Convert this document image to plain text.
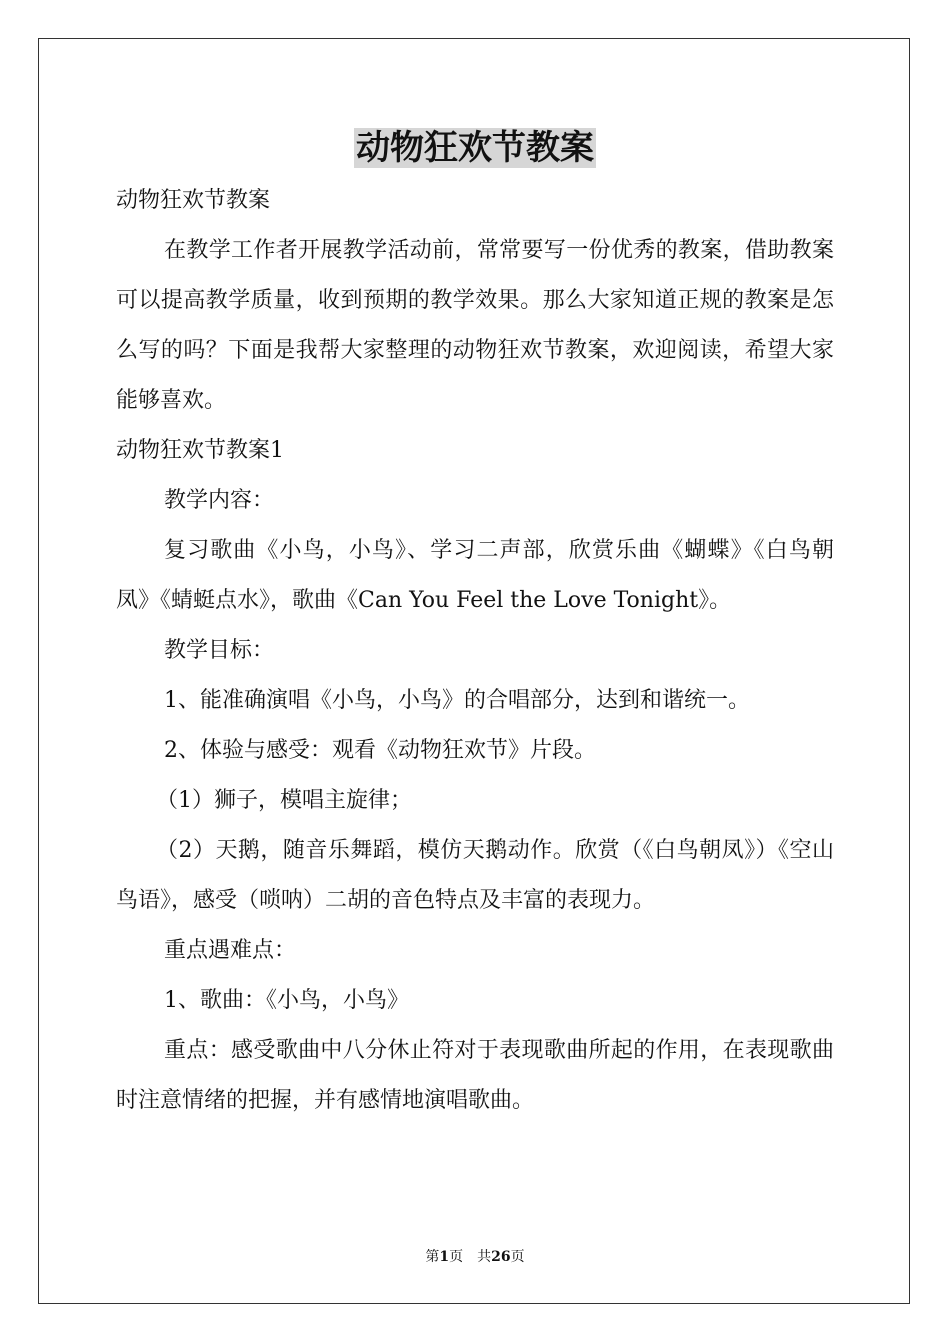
动物狂欢节教案

动物狂欢节教案

在教学工作者开展教学活动前，常常要写一份优秀的教案，借助教案可以提高教学质量，收到预期的教学效果。那么大家知道正规的教案是怎么写的吗？下面是我帮大家整理的动物狂欢节教案，欢迎阅读，希望大家能够喜欢。

动物狂欢节教案1

教学内容：

复习歌曲《小鸟，小鸟》、学习二声部，欣赏乐曲《蝴蝶》《白鸟朝凤》《蜻蜓点水》，歌曲《Can You Feel the Love Tonight》。

教学目标：

1、能准确演唱《小鸟，小鸟》的合唱部分，达到和谐统一。

2、体验与感受：观看《动物狂欢节》片段。

（1）狮子，模唱主旋律；

（2）天鹅，随音乐舞蹈，模仿天鹅动作。欣赏（《白鸟朝凤》）《空山鸟语》，感受（唢呐）二胡的音色特点及丰富的表现力。

重点遇难点：

1、歌曲：《小鸟，小鸟》

重点：感受歌曲中八分休止符对于表现歌曲所起的作用，在表现歌曲时注意情绪的把握，并有感情地演唱歌曲。

第1页　共26页
